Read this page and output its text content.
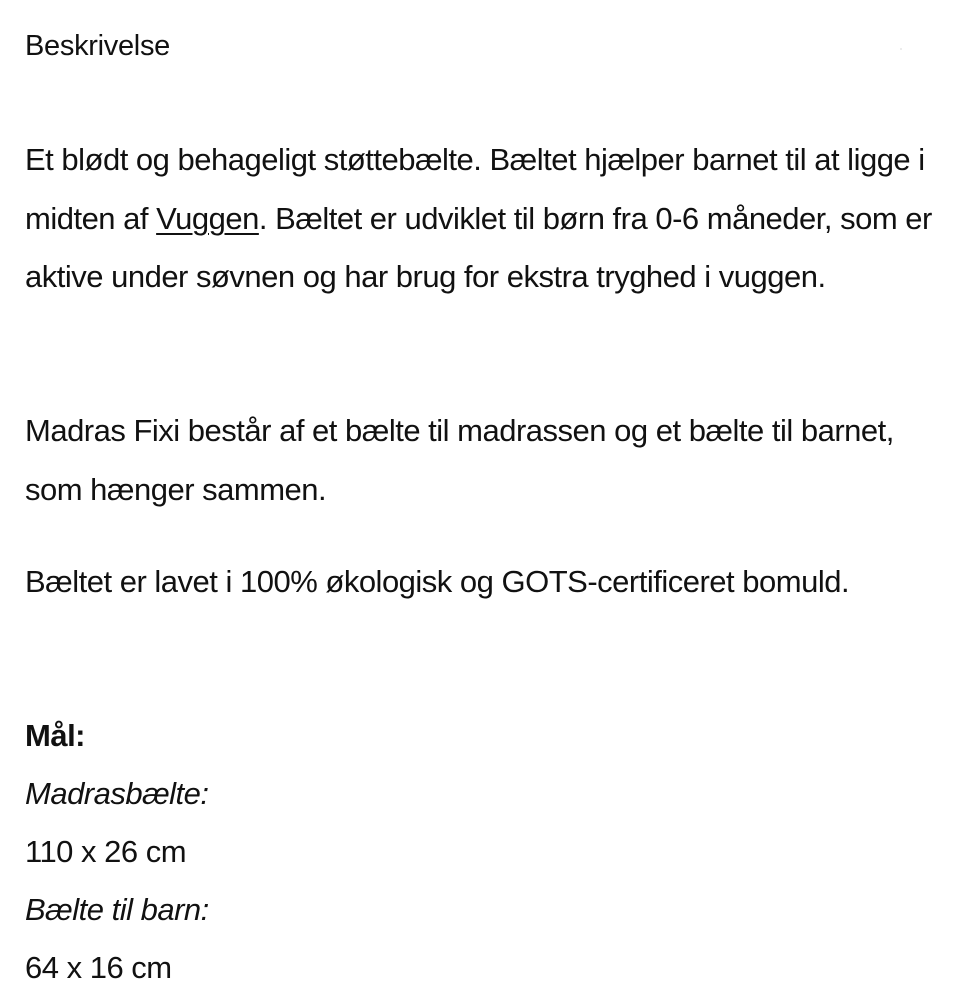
Beskrivelse

Et blødt og behageligt støttebælte. Bæltet hjælper barnet til at ligge i midten af Vuggen. Bæltet er udviklet til børn fra 0-6 måneder, som er aktive under søvnen og har brug for ekstra tryghed i vuggen.

Madras Fixi består af et bælte til madrassen og et bælte til barnet, som hænger sammen.

Bæltet er lavet i 100% økologisk og GOTS-certificeret bomuld.

Mål:
Madrasbælte:
110 x 26 cm
Bælte til barn:
64 x 16 cm
